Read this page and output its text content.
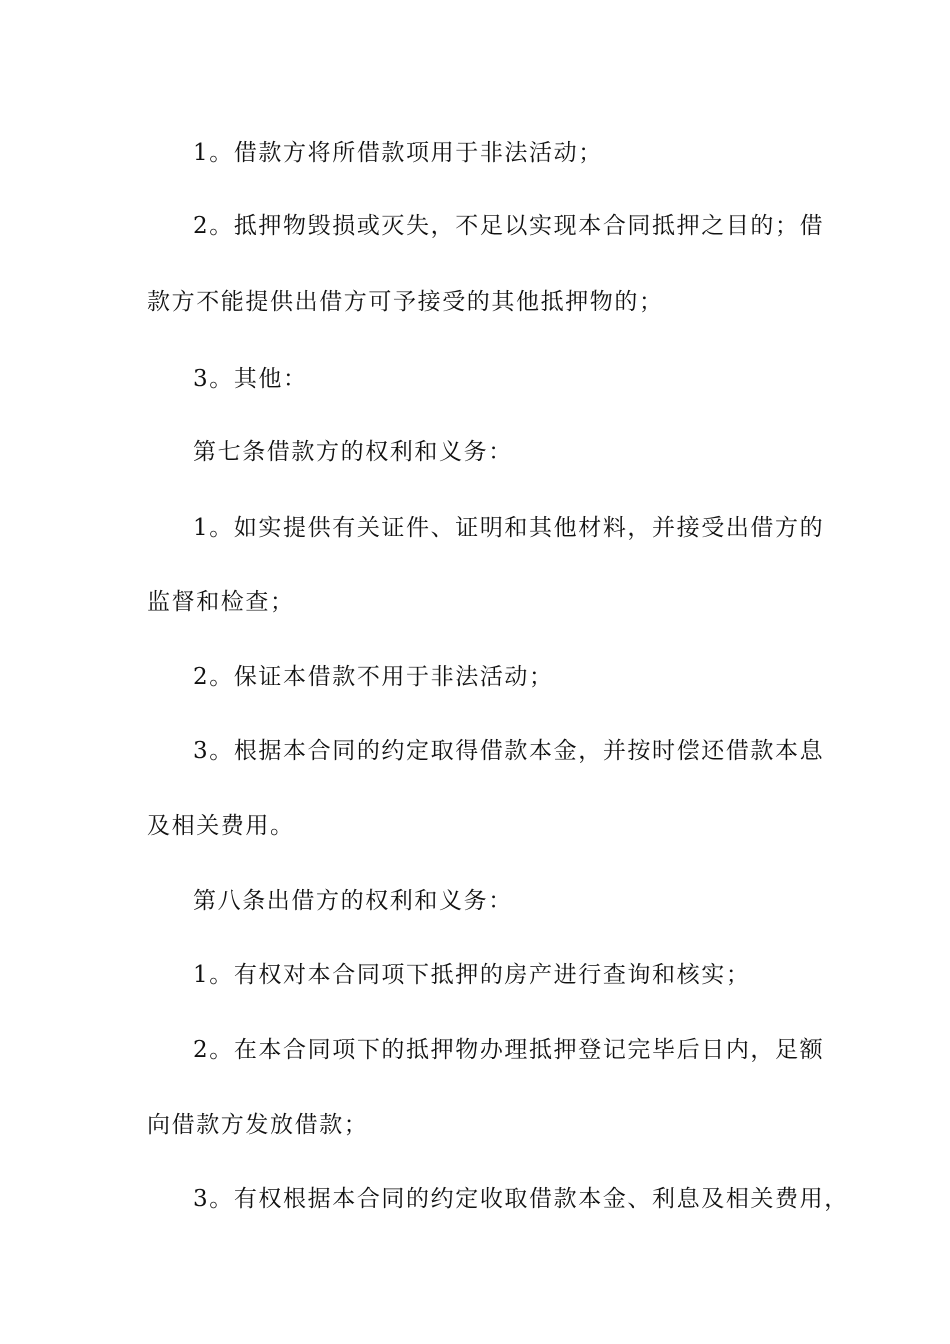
1。借款方将所借款项用于非法活动；
2。抵押物毁损或灭失，不足以实现本合同抵押之目的；借
款方不能提供出借方可予接受的其他抵押物的；
3。其他：
第七条借款方的权利和义务：
1。如实提供有关证件、证明和其他材料，并接受出借方的
监督和检查；
2。保证本借款不用于非法活动；
3。根据本合同的约定取得借款本金，并按时偿还借款本息
及相关费用。
第八条出借方的权利和义务：
1。有权对本合同项下抵押的房产进行查询和核实；
2。在本合同项下的抵押物办理抵押登记完毕后日内，足额
向借款方发放借款；
3。有权根据本合同的约定收取借款本金、利息及相关费用，
